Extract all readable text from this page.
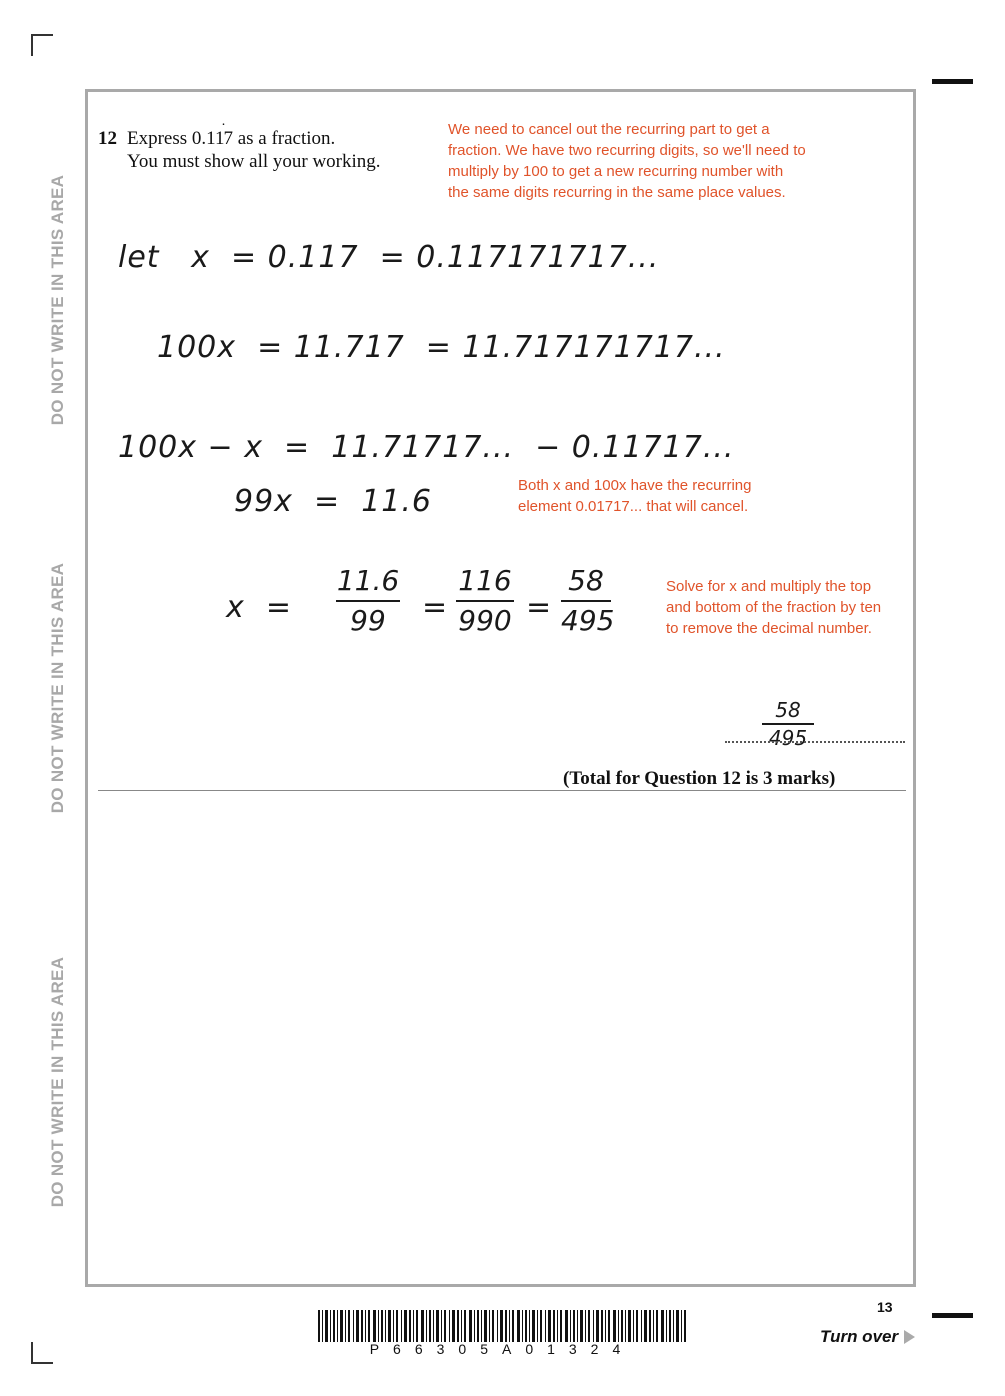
DO NOT WRITE IN THIS AREA
DO NOT WRITE IN THIS AREA
DO NOT WRITE IN THIS AREA
12 Express 0.117 as a fraction.
You must show all your working.
We need to cancel out the recurring part to get a
fraction. We have two recurring digits, so we'll need to
multiply by 100 to get a new recurring number with
the same digits recurring in the same place values.
Both x and 100x have the recurring
element 0.01717... that will cancel.
Solve for x and multiply the top
and bottom of the fraction by ten
to remove the decimal number.
let   x  = 0.117  = 0.117171717...
100x  = 11.717  = 11.717171717...
100x − x  =  11.71717...  − 0.11717...
99x  =  11.6
x  =
11.6
99	=
116
990 =
58
495
58
495
(Total for Question 12 is 3 marks)
P66305A01324
13
Turn over
